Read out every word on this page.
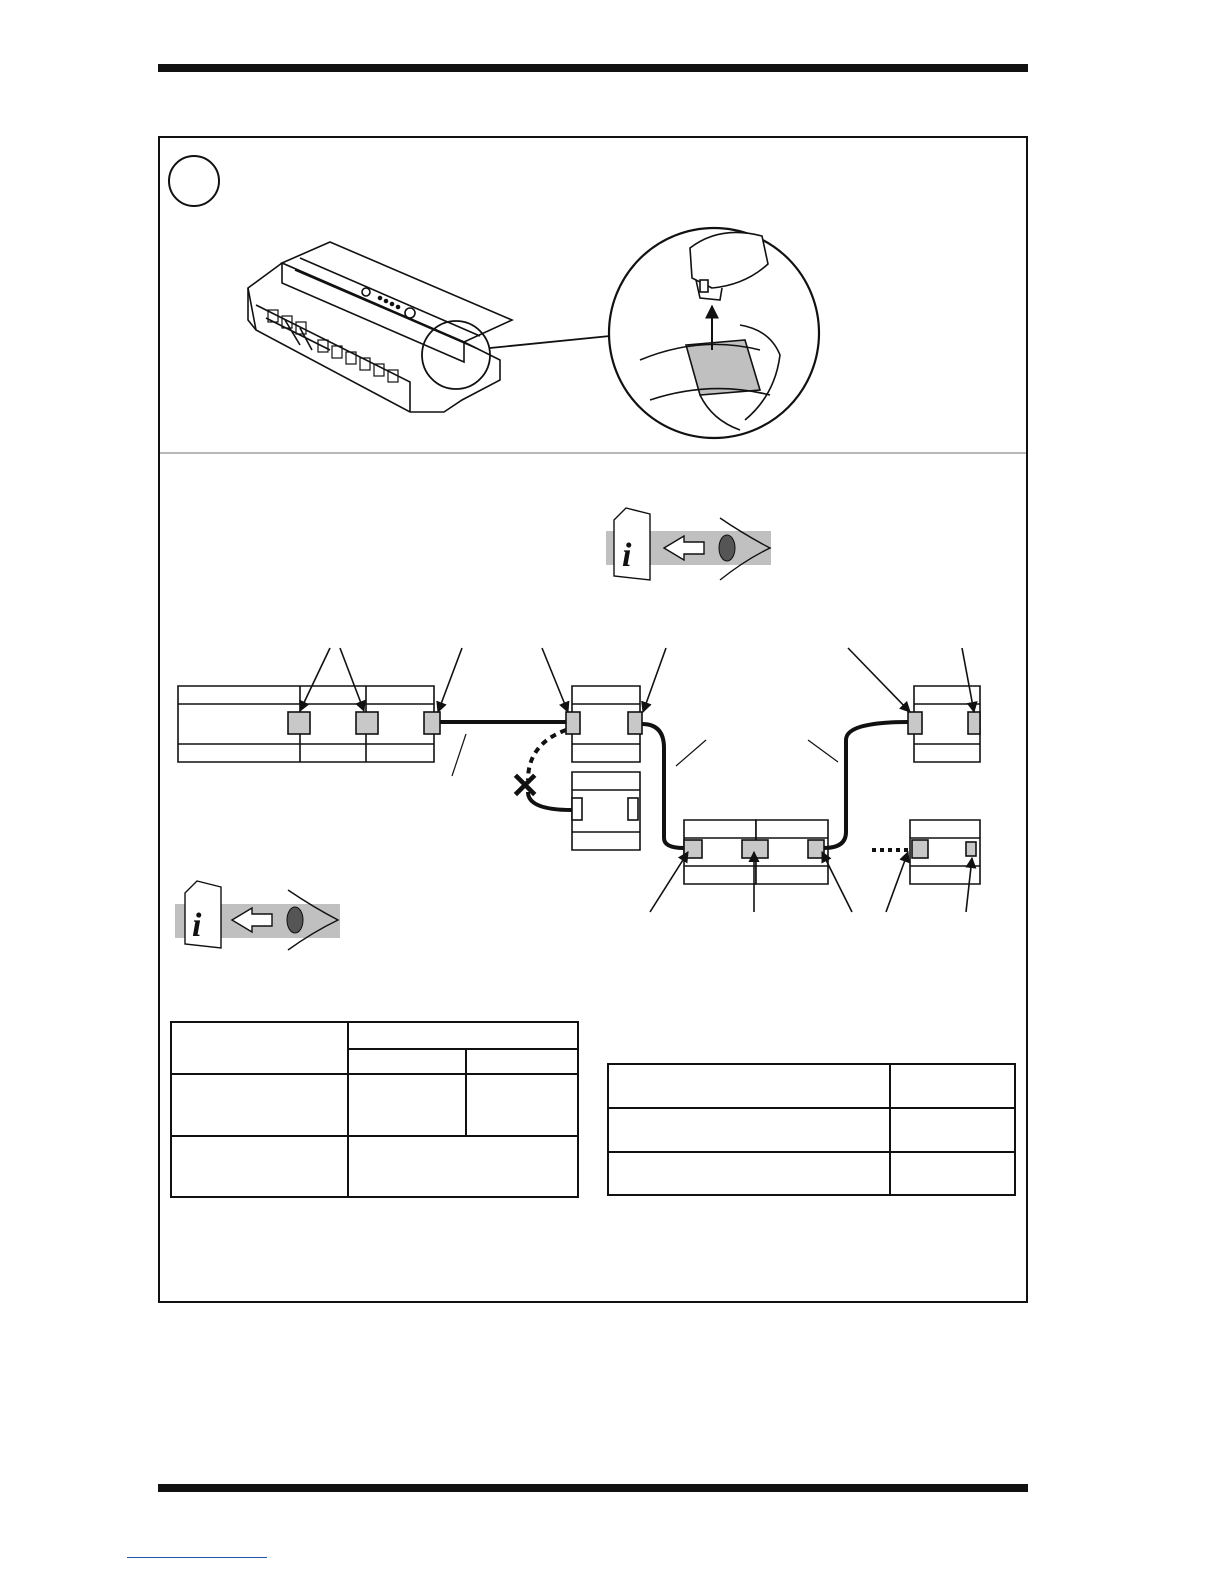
i
✕
i
